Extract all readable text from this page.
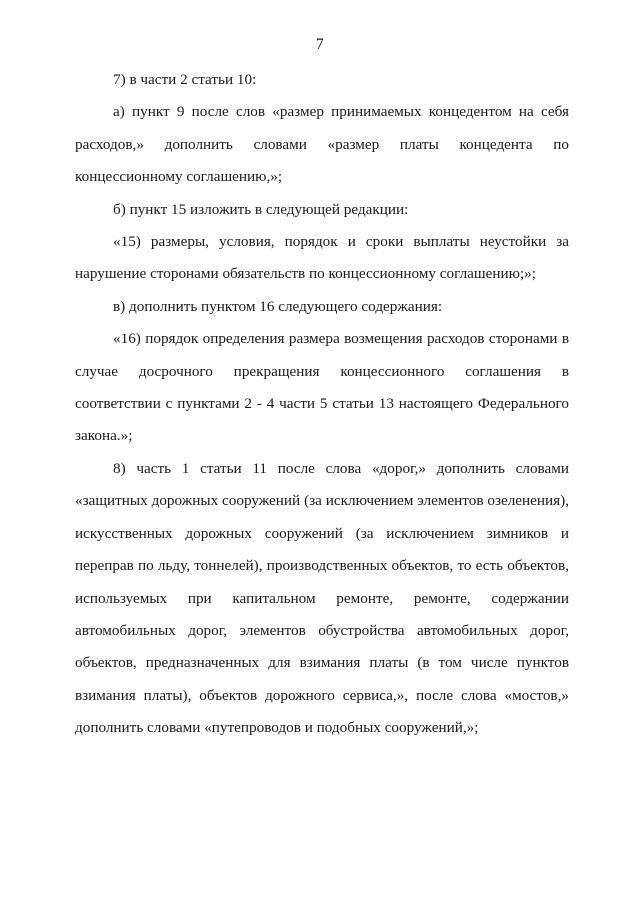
7

7) в части 2 статьи 10:

а) пункт 9 после слов «размер принимаемых концедентом на себя расходов,» дополнить словами «размер платы концедента по концессионному соглашению,»;

б) пункт 15 изложить в следующей редакции:

«15) размеры, условия, порядок и сроки выплаты неустойки за нарушение сторонами обязательств по концессионному соглашению;»;

в) дополнить пунктом 16 следующего содержания:

«16) порядок определения размера возмещения расходов сторонами в случае досрочного прекращения концессионного соглашения в соответствии с пунктами 2 - 4 части 5 статьи 13 настоящего Федерального закона.»;

8) часть 1 статьи 11 после слова «дорог,» дополнить словами «защитных дорожных сооружений (за исключением элементов озеленения), искусственных дорожных сооружений (за исключением зимников и переправ по льду, тоннелей), производственных объектов, то есть объектов, используемых при капитальном ремонте, ремонте, содержании автомобильных дорог, элементов обустройства автомобильных дорог, объектов, предназначенных для взимания платы (в том числе пунктов взимания платы), объектов дорожного сервиса,», после слова «мостов,» дополнить словами «путепроводов и подобных сооружений,»;
